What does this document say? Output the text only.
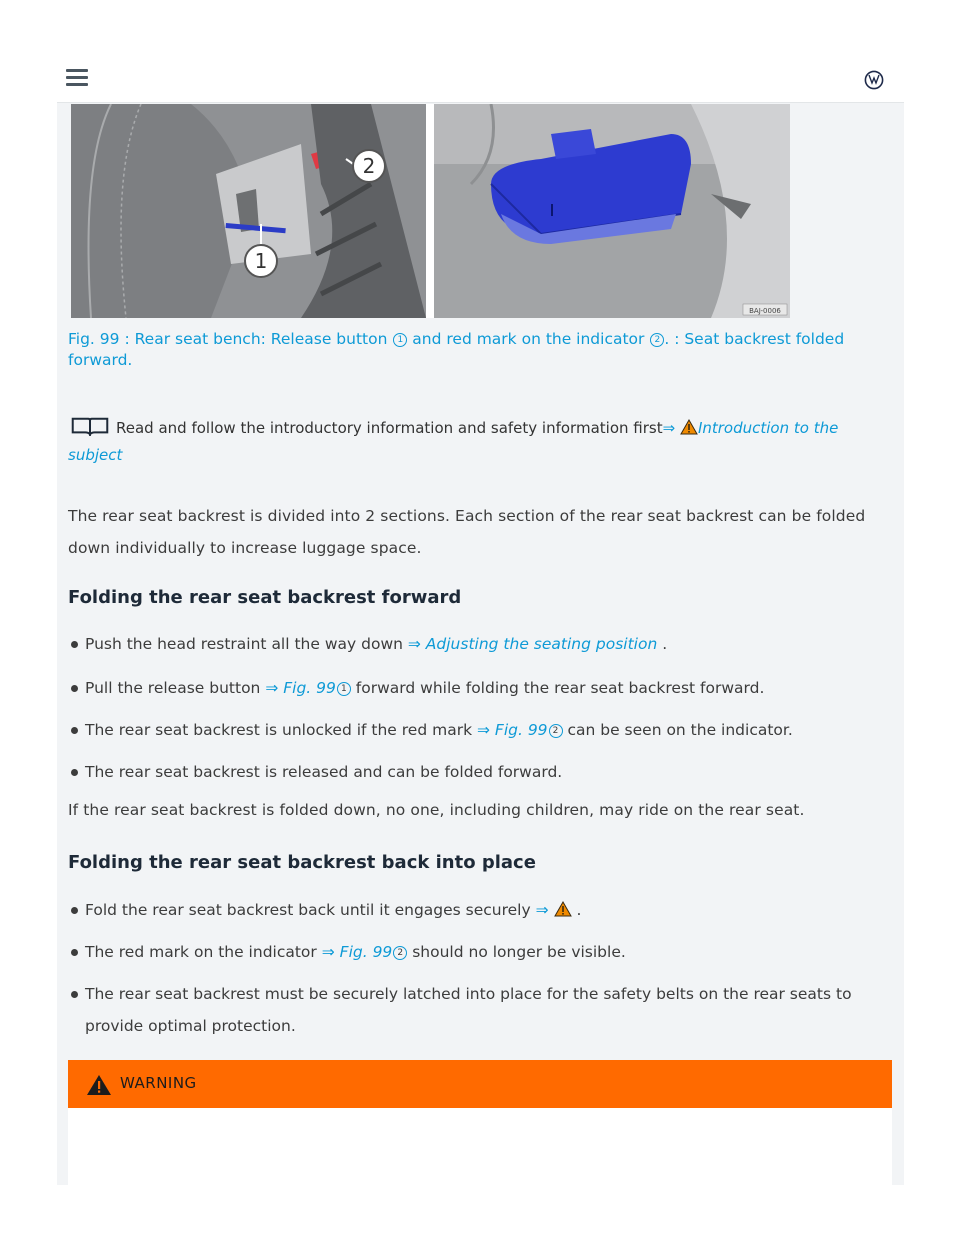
1
2
BAJ-0006
Fig. 99 : Rear seat bench: Release button 1 and red mark on the indicator 2 . : Seat backrest folded forward.
Read and follow the introductory information and safety information first⇒ Introduction to the subject
The rear seat backrest is divided into 2 sections. Each section of the rear seat backrest can be folded down individually to increase luggage space.
Folding the rear seat backrest forward
Push the head restraint all the way down ⇒ Adjusting the seating position .
Pull the release button ⇒ Fig. 99 1 forward while folding the rear seat backrest forward.
The rear seat backrest is unlocked if the red mark ⇒ Fig. 99 2 can be seen on the indicator.
The rear seat backrest is released and can be folded forward.
If the rear seat backrest is folded down, no one, including children, may ride on the rear seat.
Folding the rear seat backrest back into place
Fold the rear seat backrest back until it engages securely ⇒  .
The red mark on the indicator ⇒ Fig. 99 2 should no longer be visible.
The rear seat backrest must be securely latched into place for the safety belts on the rear seats to provide optimal protection.
WARNING
